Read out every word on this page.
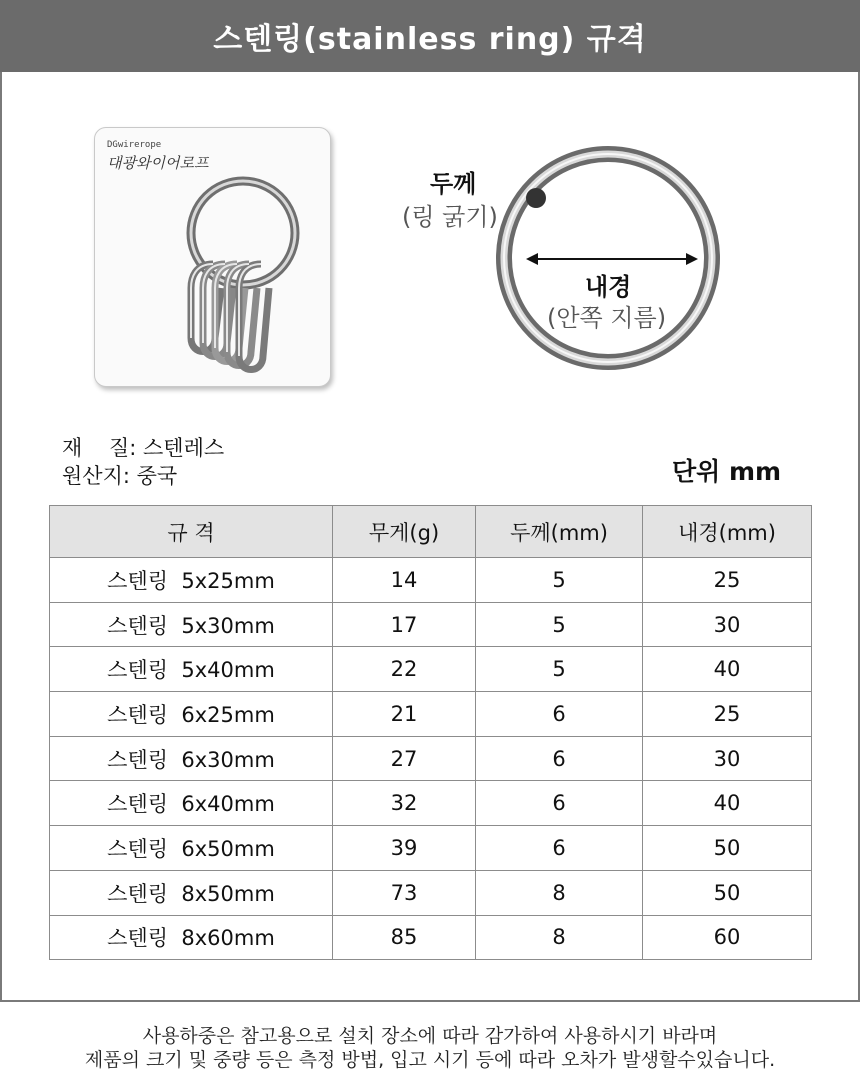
스텐링(stainless ring) 규격
DGwirerope
대광와이어로프
두께
(링 굵기)
내경
(안쪽 지름)
재    질: 스텐레스
원산지: 중국	단위 mm
규 격	무게(g)	두께(mm)	내경(mm)
스텐링  5x25mm	14	5	25
스텐링  5x30mm	17	5	30
스텐링  5x40mm	22	5	40
스텐링  6x25mm	21	6	25
스텐링  6x30mm	27	6	30
스텐링  6x40mm	32	6	40
스텐링  6x50mm	39	6	50
스텐링  8x50mm	73	8	50
스텐링  8x60mm	85	8	60
사용하중은 참고용으로 설치 장소에 따라 감가하여 사용하시기 바라며
제품의 크기 및 중량 등은 측정 방법, 입고 시기 등에 따라 오차가 발생할수있습니다.
